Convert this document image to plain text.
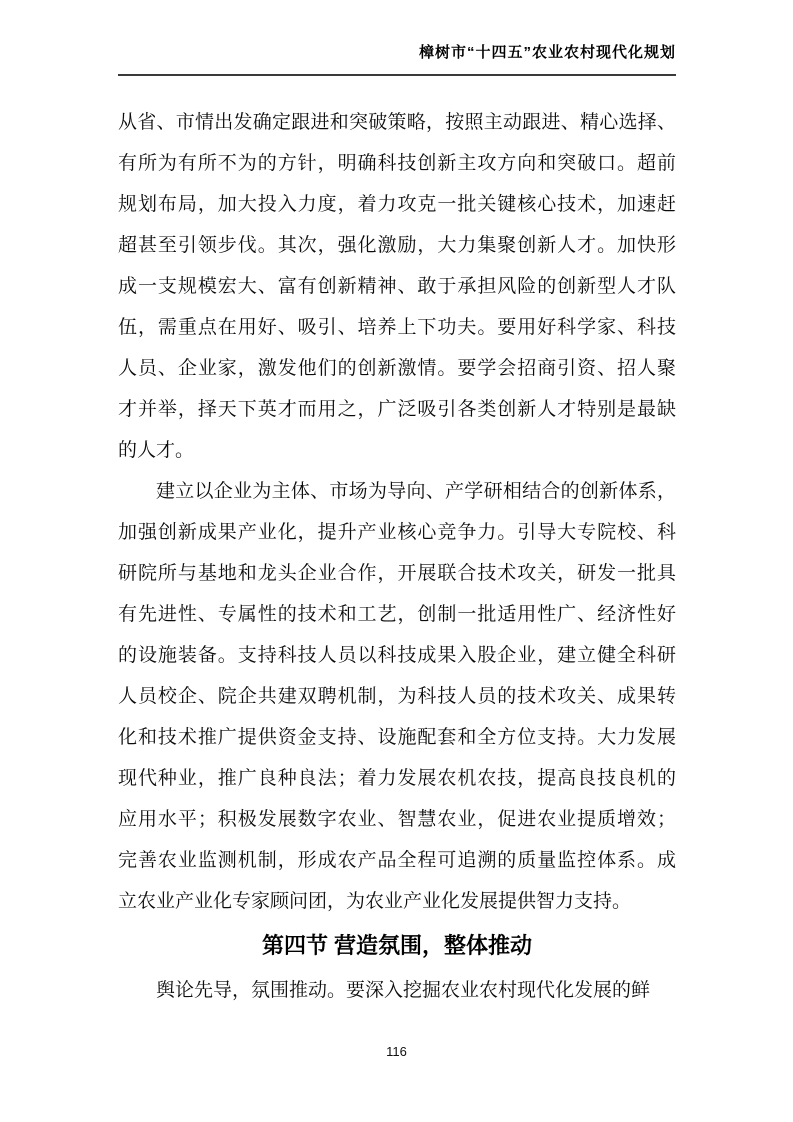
樟树市“十四五”农业农村现代化规划
从省、市情出发确定跟进和突破策略，按照主动跟进、精心选择、
有所为有所不为的方针，明确科技创新主攻方向和突破口。超前
规划布局，加大投入力度，着力攻克一批关键核心技术，加速赶
超甚至引领步伐。其次，强化激励，大力集聚创新人才。加快形
成一支规模宏大、富有创新精神、敢于承担风险的创新型人才队
伍，需重点在用好、吸引、培养上下功夫。要用好科学家、科技
人员、企业家，激发他们的创新激情。要学会招商引资、招人聚
才并举，择天下英才而用之，广泛吸引各类创新人才特别是最缺
的人才。
建立以企业为主体、市场为导向、产学研相结合的创新体系，
加强创新成果产业化，提升产业核心竞争力。引导大专院校、科
研院所与基地和龙头企业合作，开展联合技术攻关，研发一批具
有先进性、专属性的技术和工艺，创制一批适用性广、经济性好
的设施装备。支持科技人员以科技成果入股企业，建立健全科研
人员校企、院企共建双聘机制，为科技人员的技术攻关、成果转
化和技术推广提供资金支持、设施配套和全方位支持。大力发展
现代种业，推广良种良法；着力发展农机农技，提高良技良机的
应用水平；积极发展数字农业、智慧农业，促进农业提质增效；
完善农业监测机制，形成农产品全程可追溯的质量监控体系。成
立农业产业化专家顾问团，为农业产业化发展提供智力支持。
第四节 营造氛围，整体推动
舆论先导，氛围推动。要深入挖掘农业农村现代化发展的鲜
116
